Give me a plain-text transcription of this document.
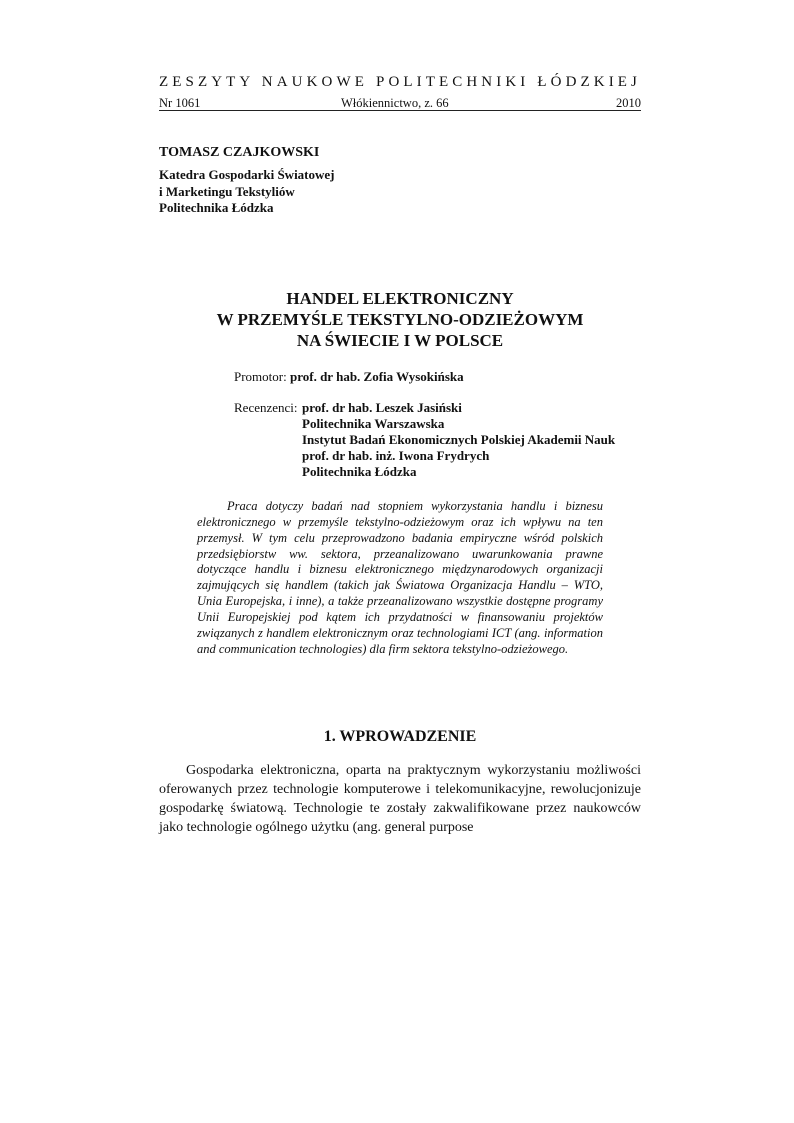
ZESZYTY NAUKOWE POLITECHNIKI ŁÓDZKIEJ
Nr 1061	Włókiennictwo, z. 66	2010
TOMASZ CZAJKOWSKI
Katedra Gospodarki Światowej
i Marketingu Tekstyliów
Politechnika Łódzka
HANDEL ELEKTRONICZNY
W PRZEMYŚLE TEKSTYLNO-ODZIEŻOWYM
NA ŚWIECIE I W POLSCE
Promotor: prof. dr hab. Zofia Wysokińska
Recenzenci: prof. dr hab. Leszek Jasiński
Politechnika Warszawska
Instytut Badań Ekonomicznych Polskiej Akademii Nauk
prof. dr hab. inż. Iwona Frydrych
Politechnika Łódzka

Praca dotyczy badań nad stopniem wykorzystania handlu i biznesu elektronicznego w przemyśle tekstylno-odzieżowym oraz ich wpływu na ten przemysł. W tym celu przeprowadzono badania empiryczne wśród polskich przedsiębiorstw ww. sektora, przeanalizowano uwarunkowania prawne dotyczące handlu i biznesu elektronicznego międzynarodowych organizacji zajmujących się handlem (takich jak Światowa Organizacja Handlu – WTO, Unia Europejska, i inne), a także przeanalizowano wszystkie dostępne programy Unii Europejskiej pod kątem ich przydatności w finansowaniu projektów związanych z handlem elektronicznym oraz technologiami ICT (ang. information and communication technologies) dla firm sektora tekstylno-odzieżowego.

1. WPROWADZENIE

Gospodarka elektroniczna, oparta na praktycznym wykorzystaniu możliwości oferowanych przez technologie komputerowe i telekomunikacyjne, rewolucjonizuje gospodarkę światową. Technologie te zostały zakwalifikowane przez naukowców jako technologie ogólnego użytku (ang. general purpose
